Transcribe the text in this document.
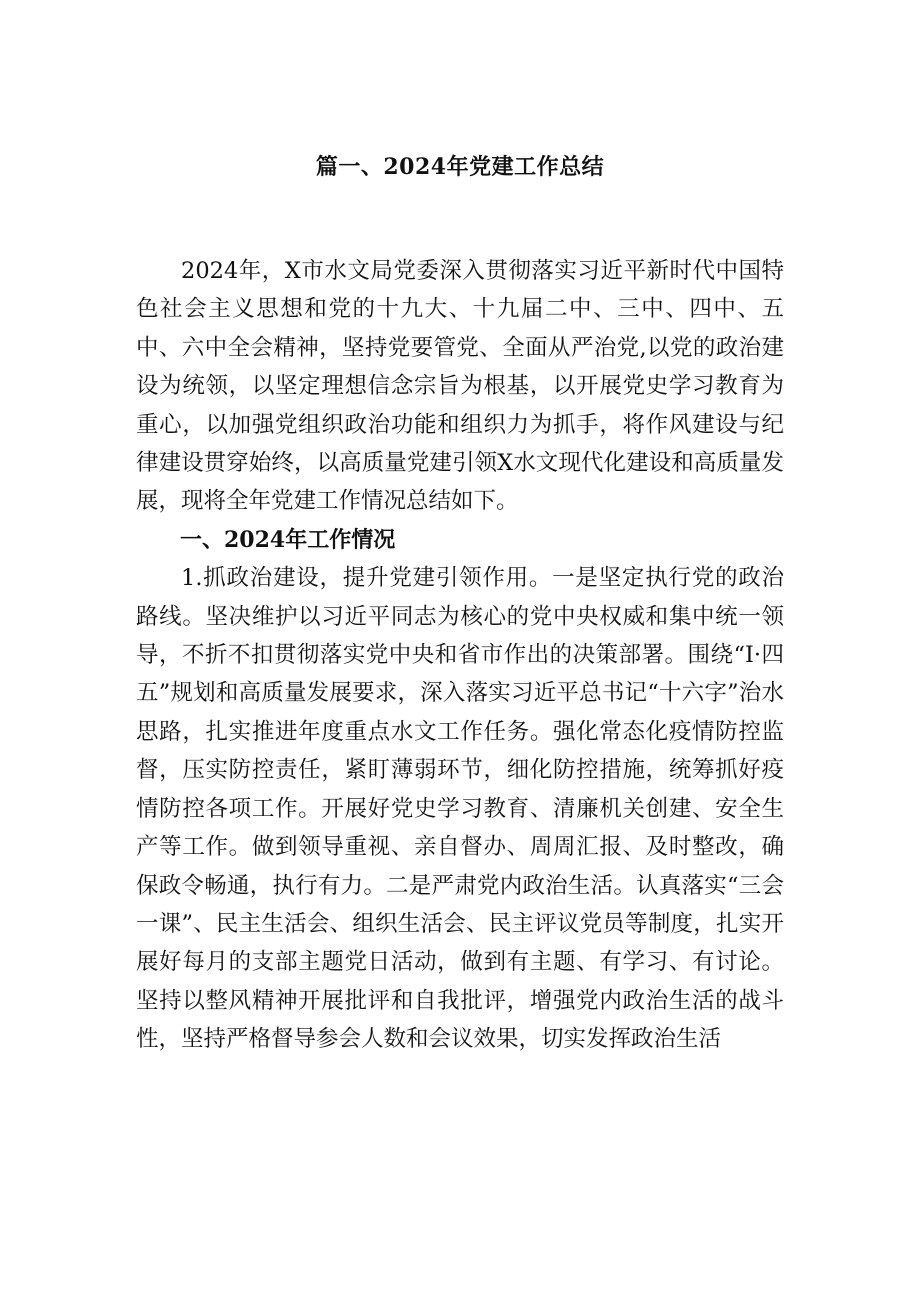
篇一、2024年党建工作总结

2024年，X市水文局党委深入贯彻落实习近平新时代中国特色社会主义思想和党的十九大、十九届二中、三中、四中、五中、六中全会精神，坚持党要管党、全面从严治党,以党的政治建设为统领，以坚定理想信念宗旨为根基，以开展党史学习教育为重心，以加强党组织政治功能和组织力为抓手，将作风建设与纪律建设贯穿始终，以高质量党建引领X水文现代化建设和高质量发展，现将全年党建工作情况总结如下。

一、2024年工作情况

1.抓政治建设，提升党建引领作用。一是坚定执行党的政治路线。坚决维护以习近平同志为核心的党中央权威和集中统一领导，不折不扣贯彻落实党中央和省市作出的决策部署。围绕“I·四五”规划和高质量发展要求，深入落实习近平总书记“十六字”治水思路，扎实推进年度重点水文工作任务。强化常态化疫情防控监督，压实防控责任，紧盯薄弱环节，细化防控措施，统筹抓好疫情防控各项工作。开展好党史学习教育、清廉机关创建、安全生产等工作。做到领导重视、亲自督办、周周汇报、及时整改，确保政令畅通，执行有力。二是严肃党内政治生活。认真落实“三会一课”、民主生活会、组织生活会、民主评议党员等制度，扎实开展好每月的支部主题党日活动，做到有主题、有学习、有讨论。坚持以整风精神开展批评和自我批评，增强党内政治生活的战斗性，坚持严格督导参会人数和会议效果，切实发挥政治生活
